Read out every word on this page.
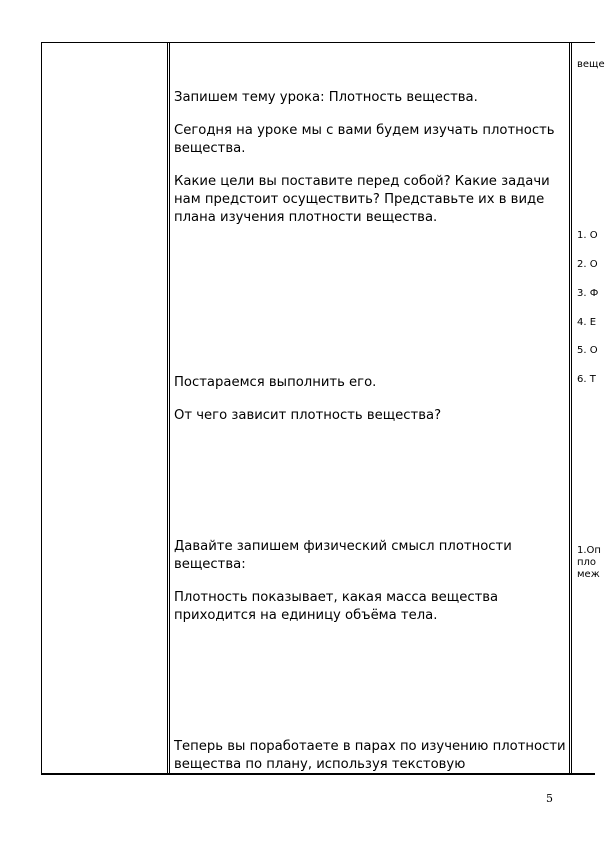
Запишем тему урока: Плотность вещества.

Сегодня на уроке мы с вами будем изучать плотность вещества.

Какие цели вы поставите перед собой? Какие задачи нам предстоит осуществить? Представьте их в виде плана изучения плотности вещества.

Постараемся выполнить его.

От чего зависит плотность вещества?

Давайте запишем физический смысл плотности вещества:

Плотность показывает, какая масса вещества приходится на единицу объёма тела.

Теперь вы поработаете в парах по изучению плотности вещества по плану, используя текстовую

веще
1. О
2. О
3. Ф
4. Е
5. О
6. Т
1.Оп
пло
меж
5
